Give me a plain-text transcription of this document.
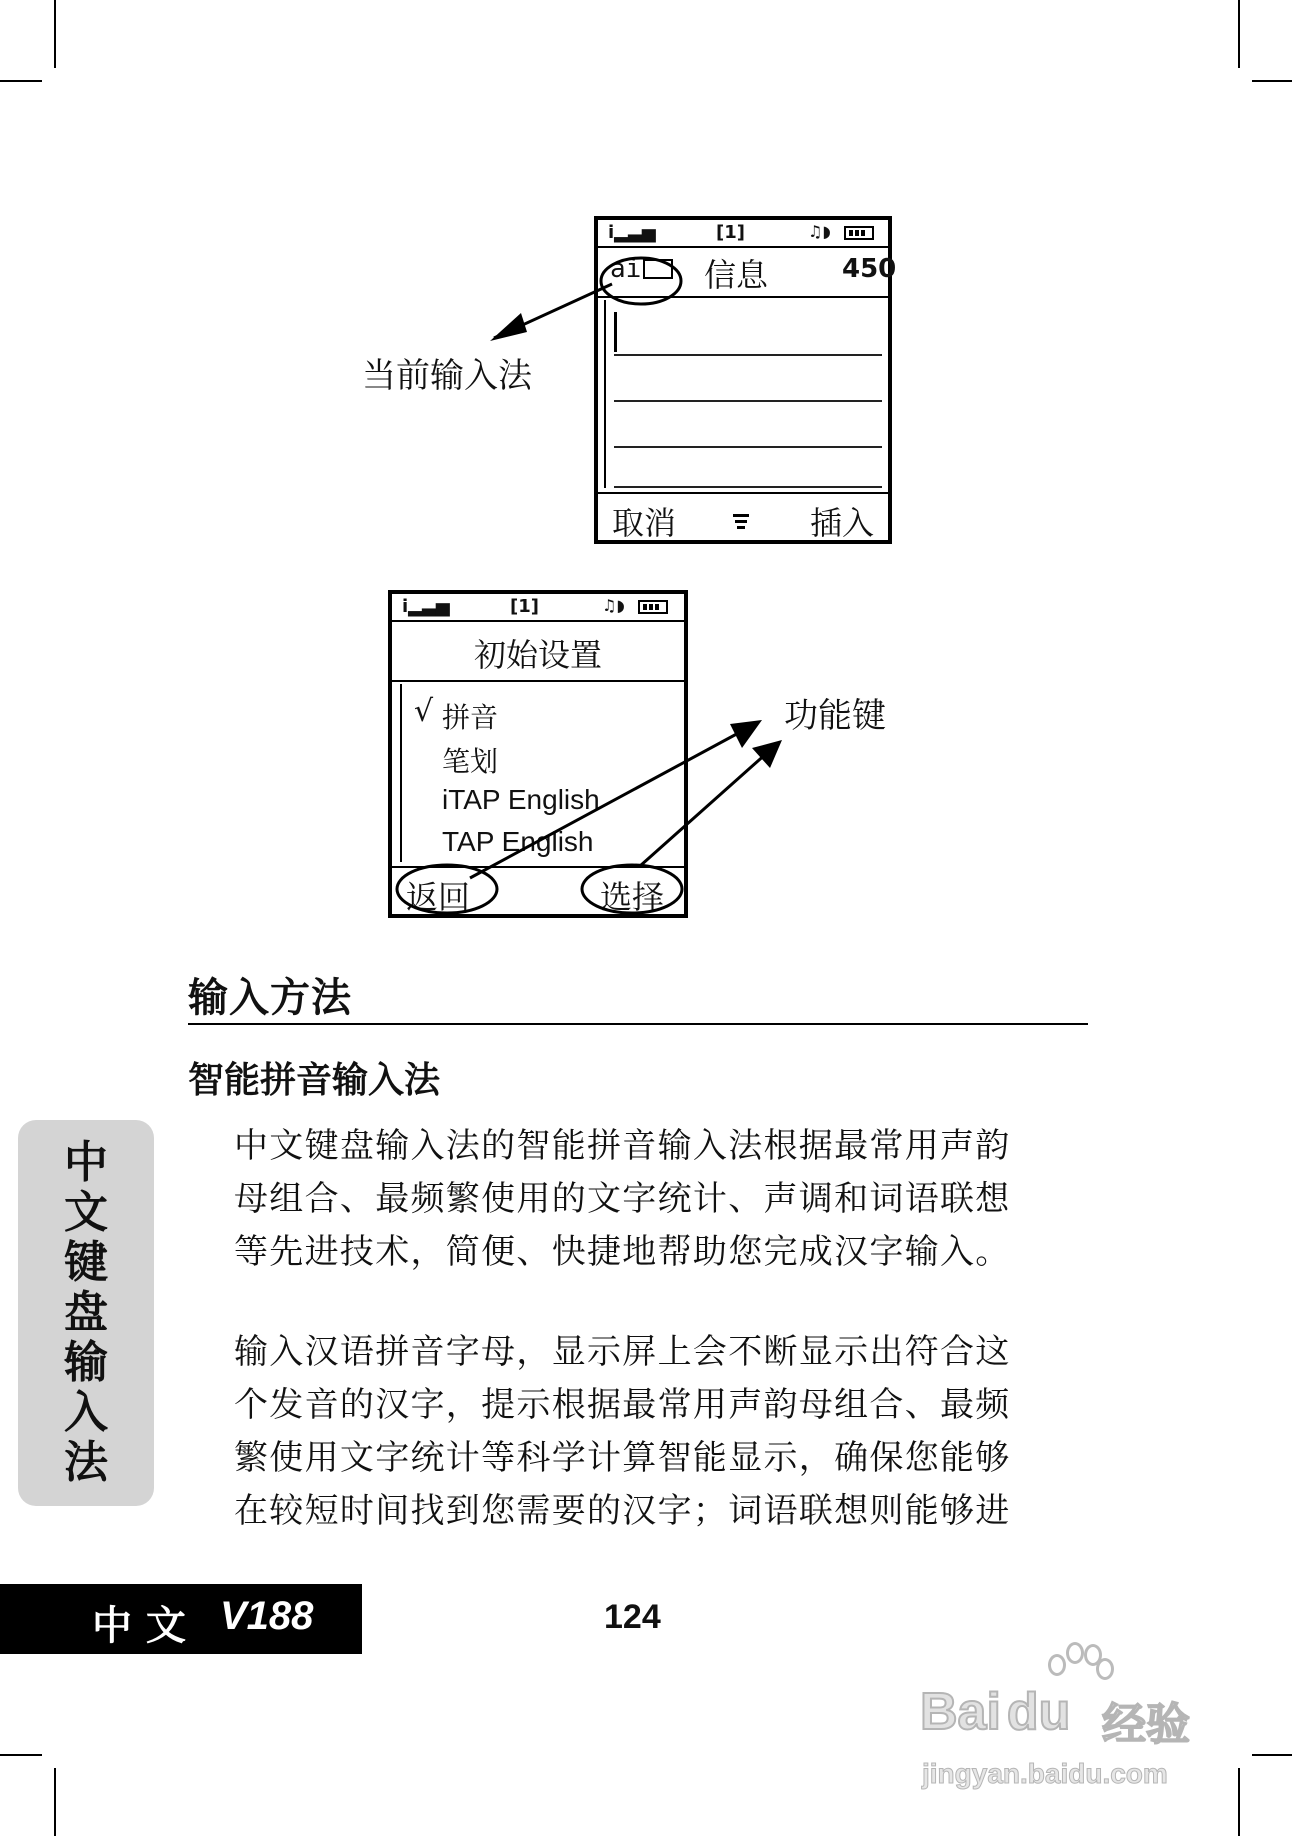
ⅰ▂▃▅	[1]	♫◗
ai	信息	450
取消	插入
ⅰ▂▃▅	[1]	♫◗
初始设置
√ 拼音
笔划
iTAP English
TAP English
返回	选择
当前输入法
功能键
输入方法
智能拼音输入法
中文键盘输入法的智能拼音输入法根据最常用声韵
母组合、最频繁使用的文字统计、声调和词语联想
等先进技术，简便、快捷地帮助您完成汉字输入。
输入汉语拼音字母，显示屏上会不断显示出符合这
个发音的汉字，提示根据最常用声韵母组合、最频
繁使用文字统计等科学计算智能显示，确保您能够
在较短时间找到您需要的汉字；词语联想则能够进
中
文
键
盘
输
入
法
中 文 V188	124
Bai du 经验
jingyan.baidu.com
